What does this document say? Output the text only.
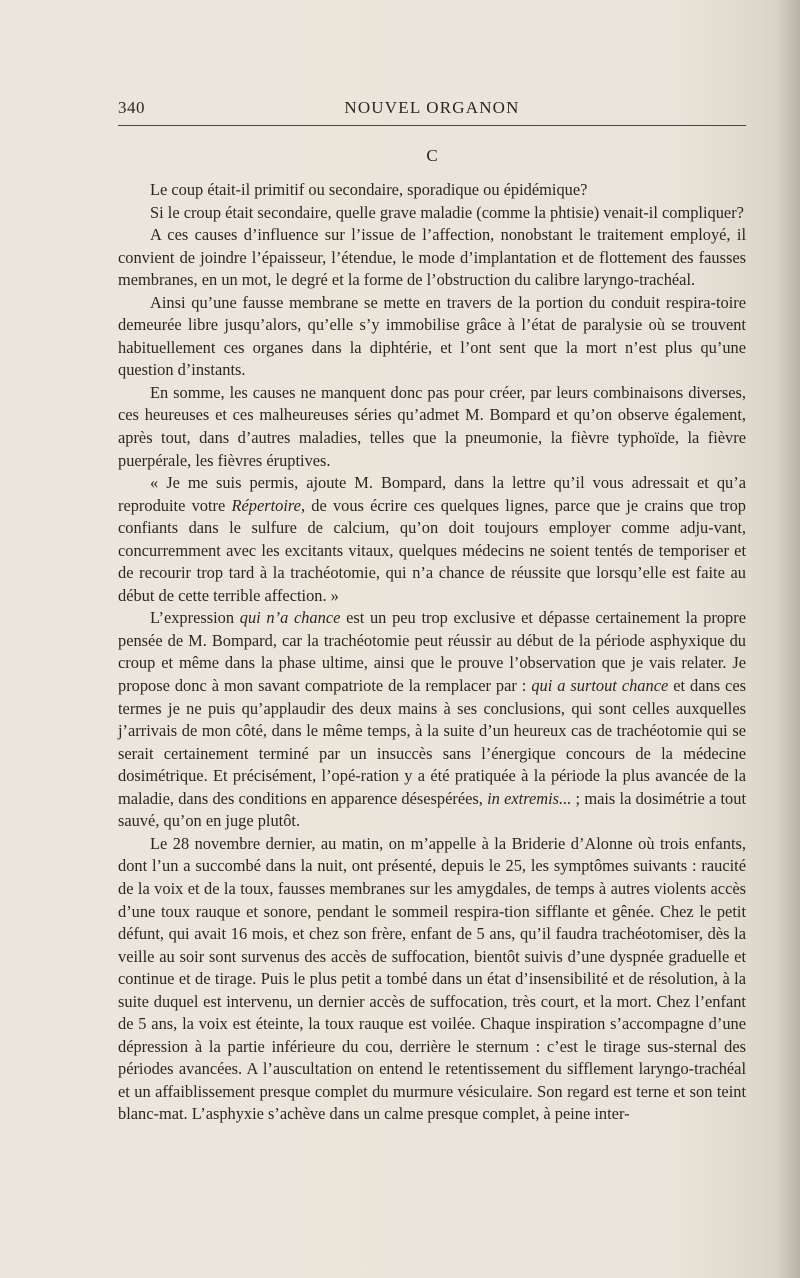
340	NOUVEL ORGANON
C

Le coup était-il primitif ou secondaire, sporadique ou épidémique?

Si le croup était secondaire, quelle grave maladie (comme la phtisie) venait-il compliquer?

A ces causes d’influence sur l’issue de l’affection, nonobstant le traitement employé, il convient de joindre l’épaisseur, l’étendue, le mode d’implantation et de flottement des fausses membranes, en un mot, le degré et la forme de l’obstruction du calibre laryngo-trachéal.

Ainsi qu’une fausse membrane se mette en travers de la portion du conduit respira-toire demeurée libre jusqu’alors, qu’elle s’y immobilise grâce à l’état de paralysie où se trouvent habituellement ces organes dans la diphtérie, et l’ont sent que la mort n’est plus qu’une question d’instants.

En somme, les causes ne manquent donc pas pour créer, par leurs combinaisons diverses, ces heureuses et ces malheureuses séries qu’admet M. Bompard et qu’on observe également, après tout, dans d’autres maladies, telles que la pneumonie, la fièvre typhoïde, la fièvre puerpérale, les fièvres éruptives.

« Je me suis permis, ajoute M. Bompard, dans la lettre qu’il vous adressait et qu’a reproduite votre Répertoire, de vous écrire ces quelques lignes, parce que je crains que trop confiants dans le sulfure de calcium, qu’on doit toujours employer comme adju-vant, concurremment avec les excitants vitaux, quelques médecins ne soient tentés de temporiser et de recourir trop tard à la trachéotomie, qui n’a chance de réussite que lorsqu’elle est faite au début de cette terrible affection. »

L’expression qui n’a chance est un peu trop exclusive et dépasse certainement la propre pensée de M. Bompard, car la trachéotomie peut réussir au début de la période asphyxique du croup et même dans la phase ultime, ainsi que le prouve l’observation que je vais relater. Je propose donc à mon savant compatriote de la remplacer par : qui a surtout chance et dans ces termes je ne puis qu’applaudir des deux mains à ses conclusions, qui sont celles auxquelles j’arrivais de mon côté, dans le même temps, à la suite d’un heureux cas de trachéotomie qui se serait certainement terminé par un insuccès sans l’énergique concours de la médecine dosimétrique. Et précisément, l’opé-ration y a été pratiquée à la période la plus avancée de la maladie, dans des conditions en apparence désespérées, in extremis... ; mais la dosimétrie a tout sauvé, qu’on en juge plutôt.

Le 28 novembre dernier, au matin, on m’appelle à la Briderie d’Alonne où trois enfants, dont l’un a succombé dans la nuit, ont présenté, depuis le 25, les symptômes suivants : raucité de la voix et de la toux, fausses membranes sur les amygdales, de temps à autres violents accès d’une toux rauque et sonore, pendant le sommeil respira-tion sifflante et gênée. Chez le petit défunt, qui avait 16 mois, et chez son frère, enfant de 5 ans, qu’il faudra trachéotomiser, dès la veille au soir sont survenus des accès de suffocation, bientôt suivis d’une dyspnée graduelle et continue et de tirage. Puis le plus petit a tombé dans un état d’insensibilité et de résolution, à la suite duquel est intervenu, un dernier accès de suffocation, très court, et la mort. Chez l’enfant de 5 ans, la voix est éteinte, la toux rauque est voilée. Chaque inspiration s’accompagne d’une dépression à la partie inférieure du cou, derrière le sternum : c’est le tirage sus-sternal des périodes avancées. A l’auscultation on entend le retentissement du sifflement laryngo-trachéal et un affaiblissement presque complet du murmure vésiculaire. Son regard est terne et son teint blanc-mat. L’asphyxie s’achève dans un calme presque complet, à peine inter-
